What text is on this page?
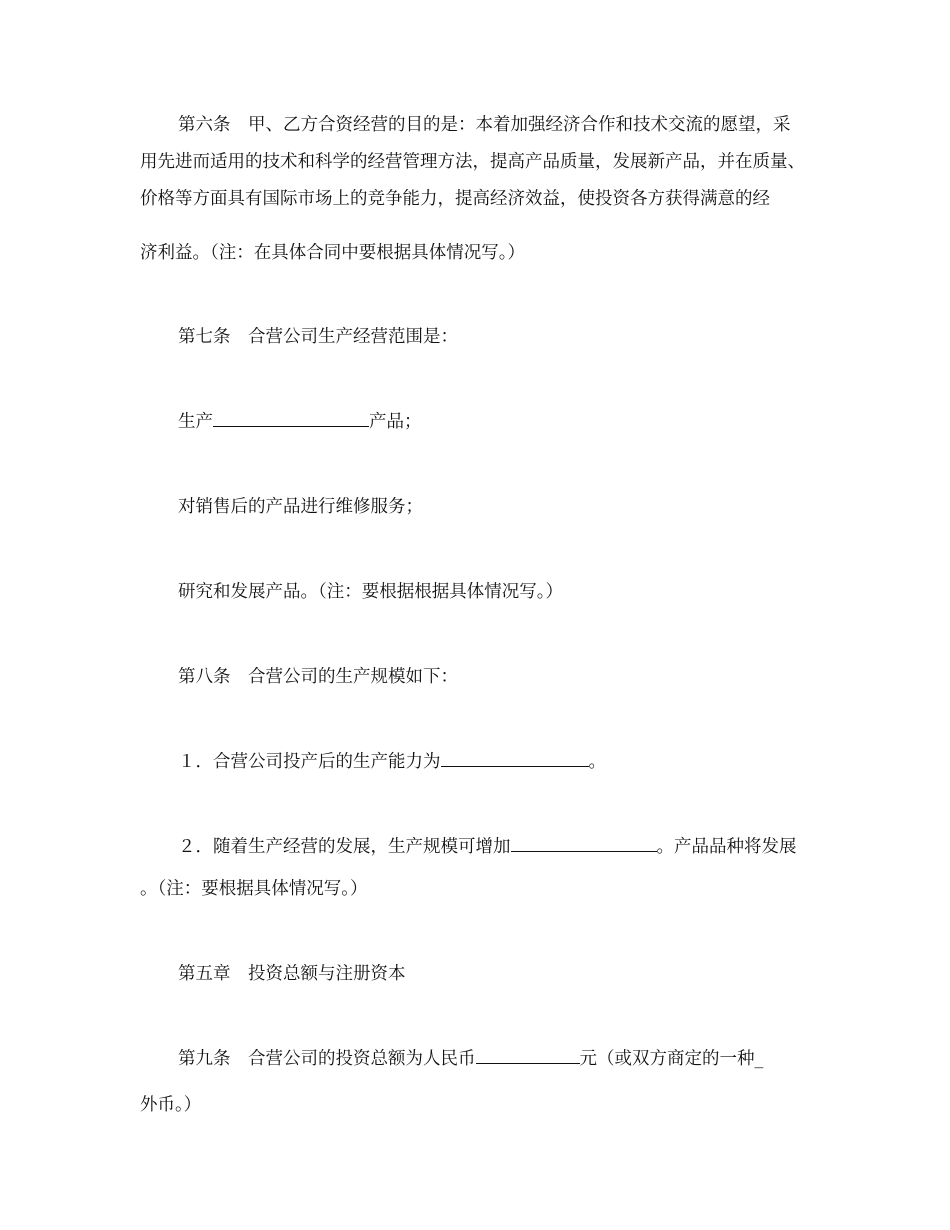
第六条　甲、乙方合资经营的目的是：本着加强经济合作和技术交流的愿望，采
用先进而适用的技术和科学的经营管理方法，提高产品质量，发展新产品，并在质量、
价格等方面具有国际市场上的竞争能力，提高经济效益，使投资各方获得满意的经
济利益。（注：在具体合同中要根据具体情况写。）
第七条　合营公司生产经营范围是：
生产	产品；
对销售后的产品进行维修服务；
研究和发展产品。（注：要根据根据具体情况写。）
第八条　合营公司的生产规模如下：
１．合营公司投产后的生产能力为	。
２．随着生产经营的发展，生产规模可增加	。产品品种将发展
。（注：要根据具体情况写。）
第五章　投资总额与注册资本
第九条　合营公司的投资总额为人民币	元（或双方商定的一种_
外币。）
